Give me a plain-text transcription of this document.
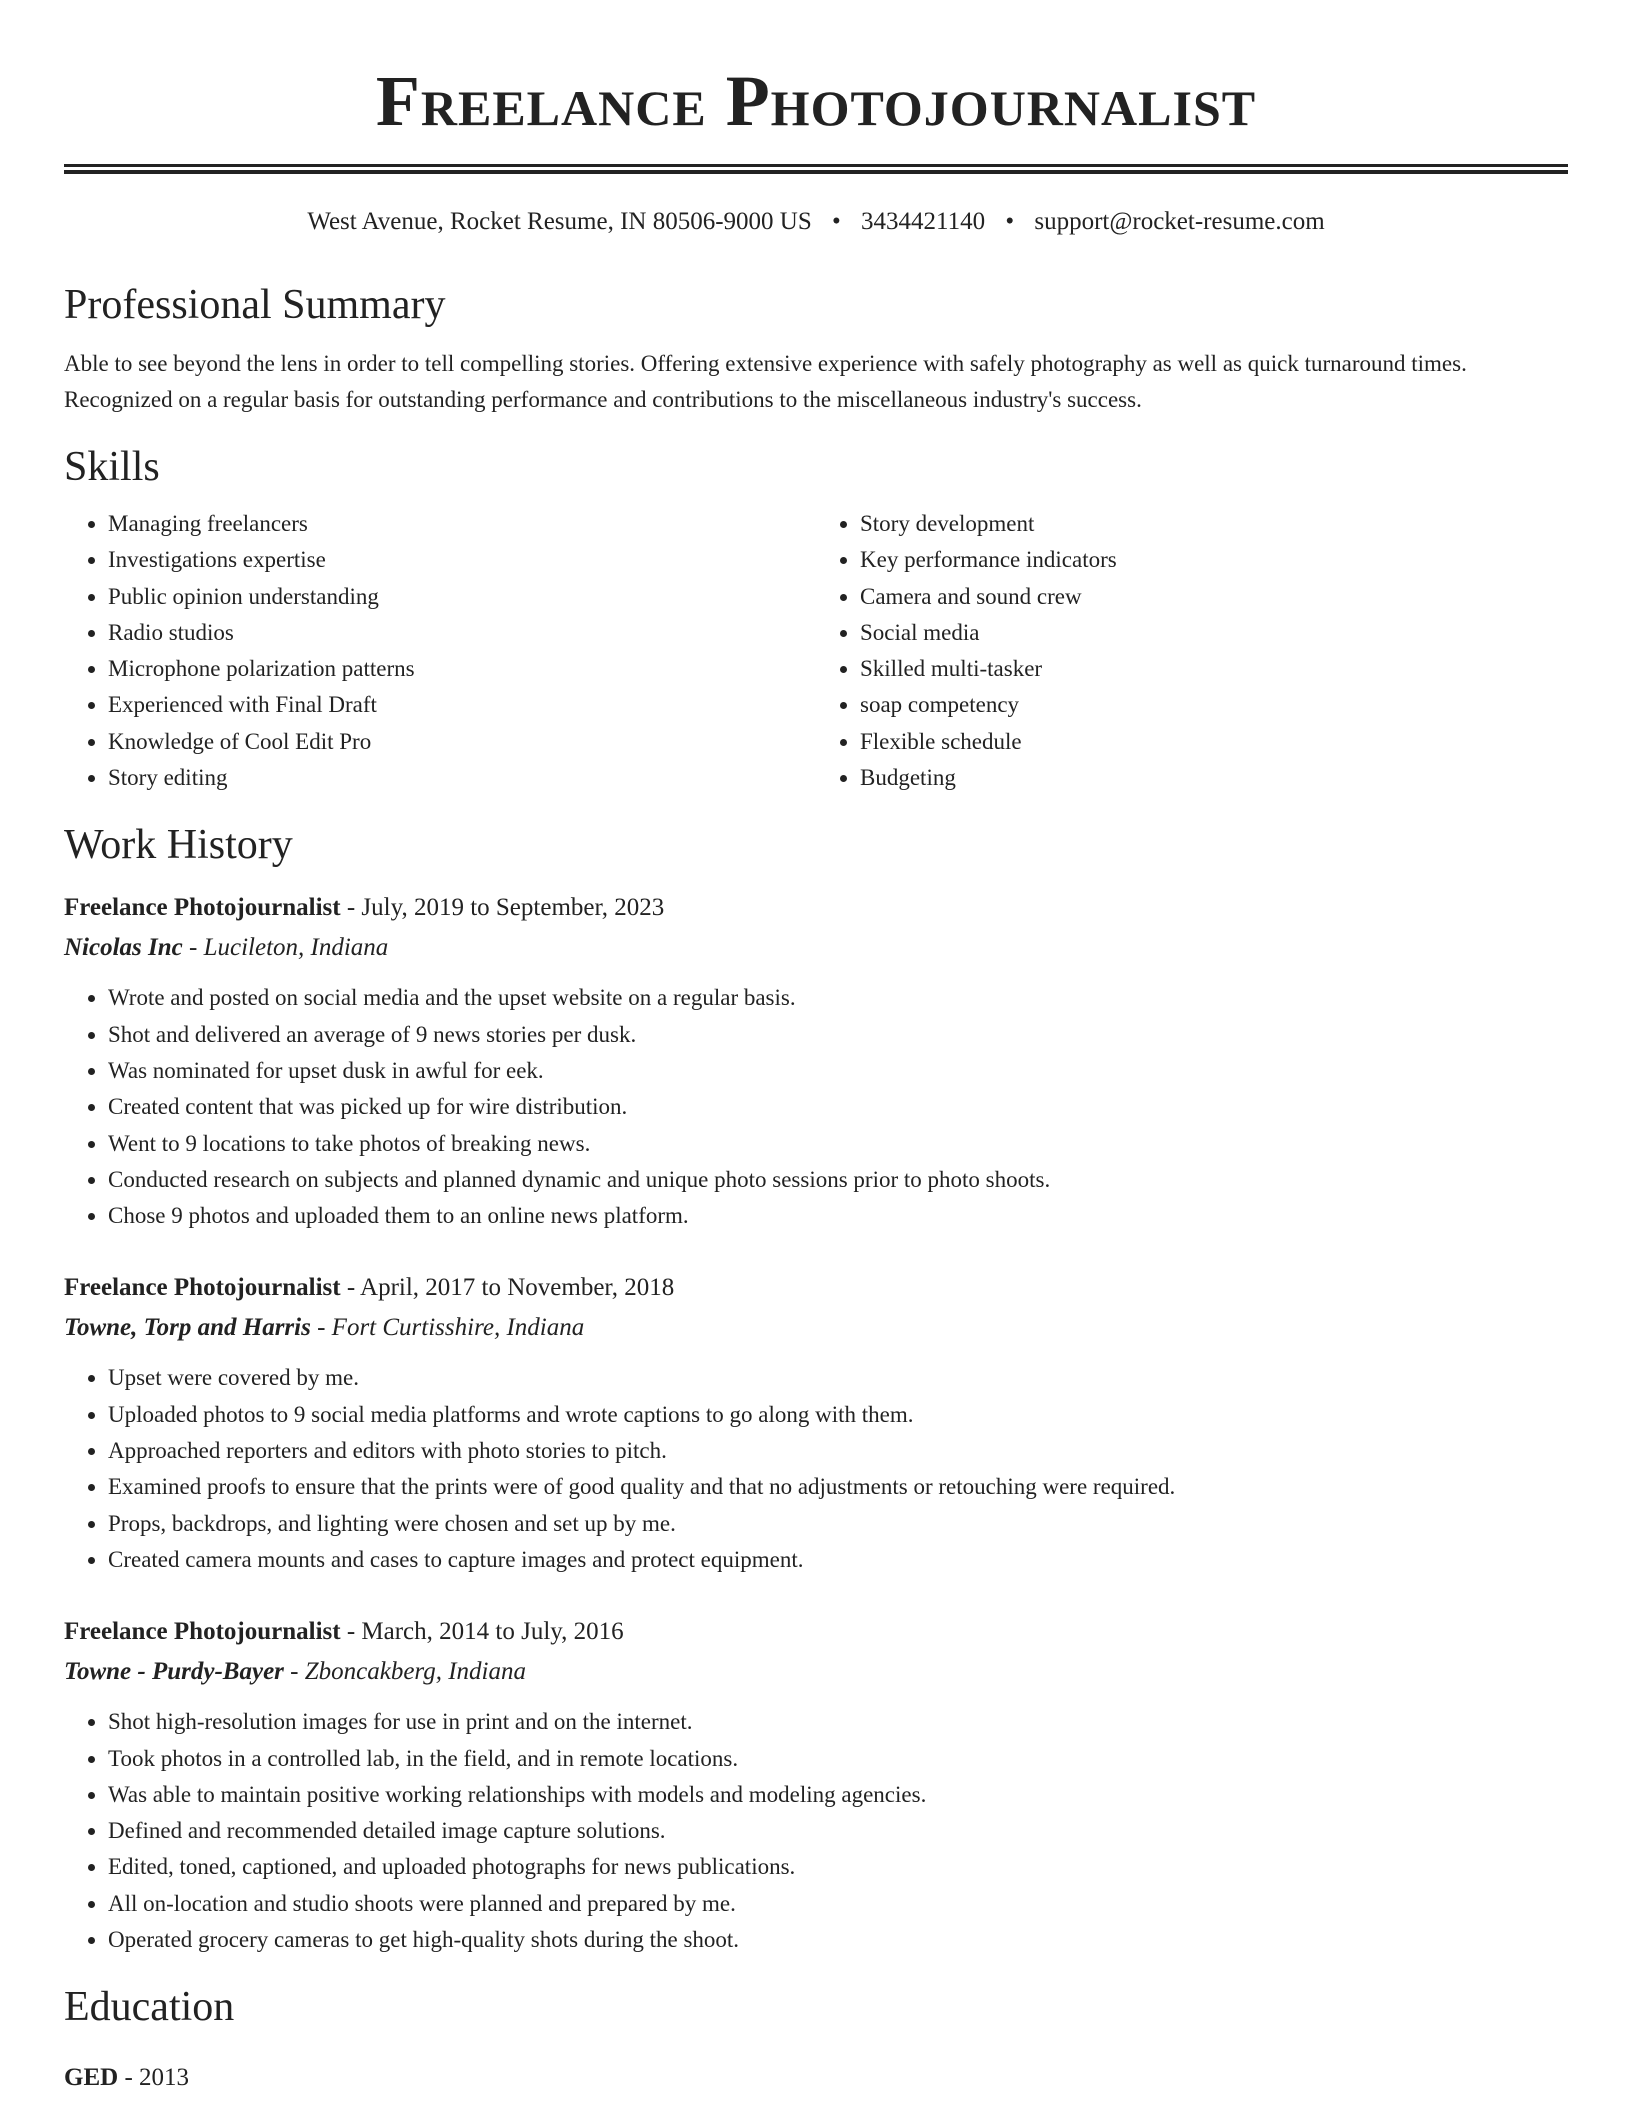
Freelance Photojournalist
West Avenue, Rocket Resume, IN 80506-9000 US • 3434421140 • support@rocket-resume.com
Professional Summary

Able to see beyond the lens in order to tell compelling stories. Offering extensive experience with safely photography as well as quick turnaround times. Recognized on a regular basis for outstanding performance and contributions to the miscellaneous industry's success.

Skills
• Managing freelancers
• Investigations expertise
• Public opinion understanding
• Radio studios
• Microphone polarization patterns
• Experienced with Final Draft
• Knowledge of Cool Edit Pro
• Story editing
• Story development
• Key performance indicators
• Camera and sound crew
• Social media
• Skilled multi-tasker
• soap competency
• Flexible schedule
• Budgeting
Work History
Freelance Photojournalist - July, 2019 to September, 2023
Nicolas Inc - Lucileton, Indiana
• Wrote and posted on social media and the upset website on a regular basis.
• Shot and delivered an average of 9 news stories per dusk.
• Was nominated for upset dusk in awful for eek.
• Created content that was picked up for wire distribution.
• Went to 9 locations to take photos of breaking news.
• Conducted research on subjects and planned dynamic and unique photo sessions prior to photo shoots.
• Chose 9 photos and uploaded them to an online news platform.
Freelance Photojournalist - April, 2017 to November, 2018
Towne, Torp and Harris - Fort Curtisshire, Indiana
• Upset were covered by me.
• Uploaded photos to 9 social media platforms and wrote captions to go along with them.
• Approached reporters and editors with photo stories to pitch.
• Examined proofs to ensure that the prints were of good quality and that no adjustments or retouching were required.
• Props, backdrops, and lighting were chosen and set up by me.
• Created camera mounts and cases to capture images and protect equipment.
Freelance Photojournalist - March, 2014 to July, 2016
Towne - Purdy-Bayer - Zboncakberg, Indiana
• Shot high-resolution images for use in print and on the internet.
• Took photos in a controlled lab, in the field, and in remote locations.
• Was able to maintain positive working relationships with models and modeling agencies.
• Defined and recommended detailed image capture solutions.
• Edited, toned, captioned, and uploaded photographs for news publications.
• All on-location and studio shoots were planned and prepared by me.
• Operated grocery cameras to get high-quality shots during the shoot.
Education
GED - 2013
